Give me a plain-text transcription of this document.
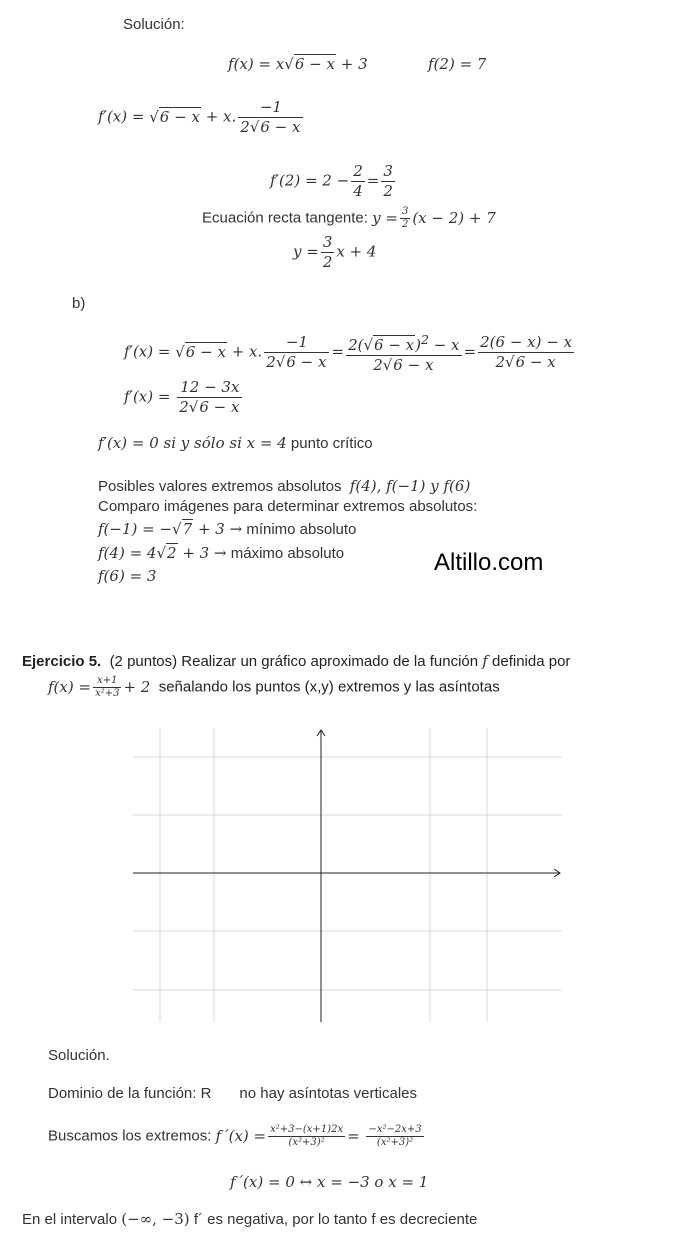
Solución:
f(x) = x √ 6 − x + 3	f(2) = 7
f′(x) = √ 6 − x + x. $\frac{-1}{2 √ 6 - x}$
$f'(2) = 2 - \frac{2}{4} = \frac{3}{2}$
Ecuación recta tangente: $y = \frac{3}{2} (x - 2) + 7$
$y = \frac{3}{2}$ x + 4
b)
f′(x) = √ 6 − x + x. $\frac{-1}{2 √ 6 - x} = \frac{2( √ 6 - x)^2 - x}{2 √ 6 - x} = \frac{2(6 - x) - x}{2 √ 6 - x}$
$f'(x) = \frac{12 - 3x}{2 √ 6 - x}$
f′(x) = 0 si y sólo si x = 4 punto crítico
Posibles valores extremos absolutos f(4), f(−1) y f(6)
Comparo imágenes para determinar extremos absolutos:
f(−1) = − √ 7 + 3 → mínimo absoluto
f(4) = 4 √ 2 + 3 → máximo absoluto
f(6) = 3	Altillo.com
Ejercicio 5. (2 puntos) Realizar un gráfico aproximado de la función f definida por
$f(x) = \frac{x+1}{\text{x²+3}} + 2$ señalando los puntos (x,y) extremos y las asíntotas
Solución.
Dominio de la función: R no hay asíntotas verticales
Buscamos los extremos: f´(x) = $\frac{\text{x²+3−(x+1)2x}}{\text{(x²+3)²}} = \frac{\text{−x²−2x+3}}{\text{(x²+3)²}}$
f´(x) = 0 ↔ x = −3 o x = 1
En el intervalo (−∞, −3) f´ es negativa, por lo tanto f es decreciente
